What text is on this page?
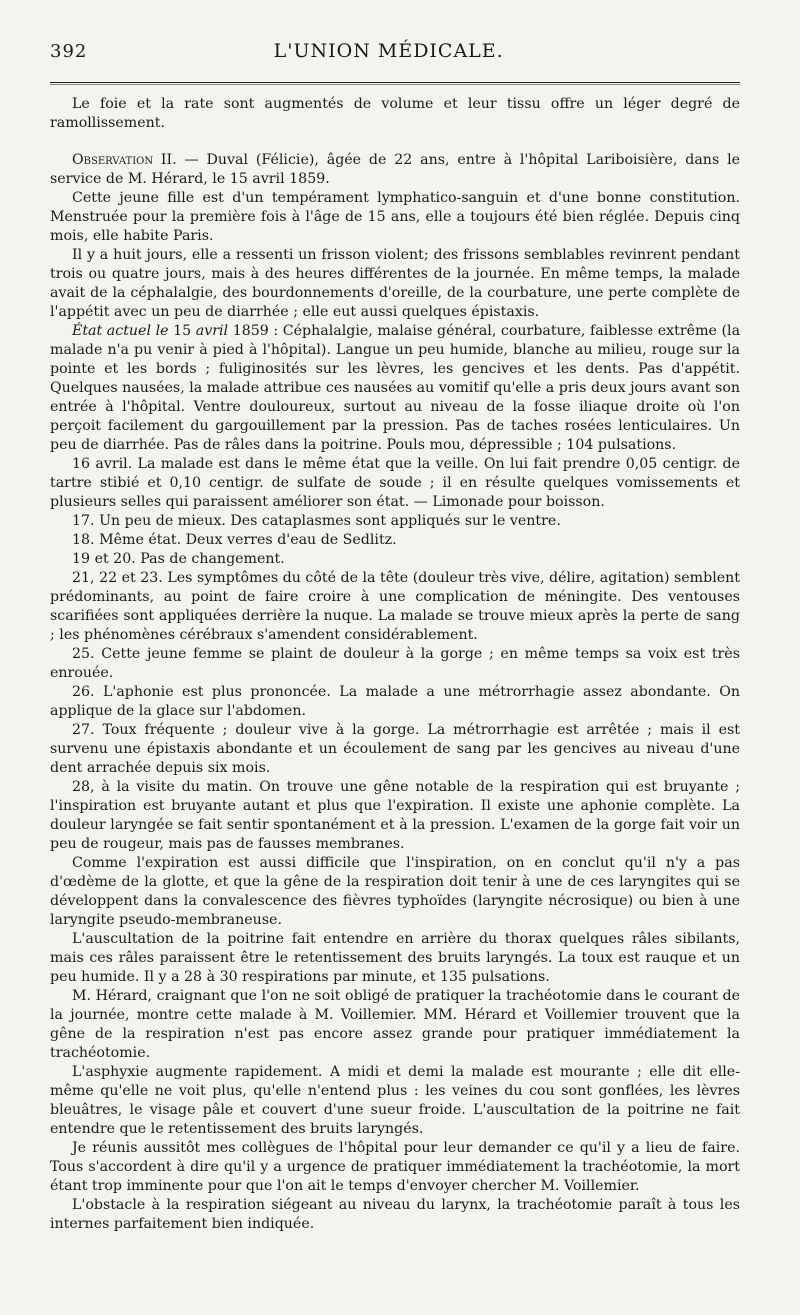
392	L'UNION MÉDICALE.

Le foie et la rate sont augmentés de volume et leur tissu offre un léger degré de ramollissement.

Observation II. — Duval (Félicie), âgée de 22 ans, entre à l'hôpital Lariboisière, dans le service de M. Hérard, le 15 avril 1859.

Cette jeune fille est d'un tempérament lymphatico-sanguin et d'une bonne constitution. Menstruée pour la première fois à l'âge de 15 ans, elle a toujours été bien réglée. Depuis cinq mois, elle habite Paris.

Il y a huit jours, elle a ressenti un frisson violent; des frissons semblables revinrent pendant trois ou quatre jours, mais à des heures différentes de la journée. En même temps, la malade avait de la céphalalgie, des bourdonnements d'oreille, de la courbature, une perte complète de l'appétit avec un peu de diarrhée ; elle eut aussi quelques épistaxis.

État actuel le 15 avril 1859 : Céphalalgie, malaise général, courbature, faiblesse extrême (la malade n'a pu venir à pied à l'hôpital). Langue un peu humide, blanche au milieu, rouge sur la pointe et les bords ; fuliginosités sur les lèvres, les gencives et les dents. Pas d'appétit. Quelques nausées, la malade attribue ces nausées au vomitif qu'elle a pris deux jours avant son entrée à l'hôpital. Ventre douloureux, surtout au niveau de la fosse iliaque droite où l'on perçoit facilement du gargouillement par la pression. Pas de taches rosées lenticulaires. Un peu de diarrhée. Pas de râles dans la poitrine. Pouls mou, dépressible ; 104 pulsations.

16 avril. La malade est dans le même état que la veille. On lui fait prendre 0,05 centigr. de tartre stibié et 0,10 centigr. de sulfate de soude ; il en résulte quelques vomissements et plusieurs selles qui paraissent améliorer son état. — Limonade pour boisson.

17. Un peu de mieux. Des cataplasmes sont appliqués sur le ventre.

18. Même état. Deux verres d'eau de Sedlitz.

19 et 20. Pas de changement.

21, 22 et 23. Les symptômes du côté de la tête (douleur très vive, délire, agitation) semblent prédominants, au point de faire croire à une complication de méningite. Des ventouses scarifiées sont appliquées derrière la nuque. La malade se trouve mieux après la perte de sang ; les phénomènes cérébraux s'amendent considérablement.

25. Cette jeune femme se plaint de douleur à la gorge ; en même temps sa voix est très enrouée.

26. L'aphonie est plus prononcée. La malade a une métrorrhagie assez abondante. On applique de la glace sur l'abdomen.

27. Toux fréquente ; douleur vive à la gorge. La métrorrhagie est arrêtée ; mais il est survenu une épistaxis abondante et un écoulement de sang par les gencives au niveau d'une dent arrachée depuis six mois.

28, à la visite du matin. On trouve une gêne notable de la respiration qui est bruyante ; l'inspiration est bruyante autant et plus que l'expiration. Il existe une aphonie complète. La douleur laryngée se fait sentir spontanément et à la pression. L'examen de la gorge fait voir un peu de rougeur, mais pas de fausses membranes.

Comme l'expiration est aussi difficile que l'inspiration, on en conclut qu'il n'y a pas d'œdème de la glotte, et que la gêne de la respiration doit tenir à une de ces laryngites qui se développent dans la convalescence des fièvres typhoïdes (laryngite nécrosique) ou bien à une laryngite pseudo-membraneuse.

L'auscultation de la poitrine fait entendre en arrière du thorax quelques râles sibilants, mais ces râles paraissent être le retentissement des bruits laryngés. La toux est rauque et un peu humide. Il y a 28 à 30 respirations par minute, et 135 pulsations.

M. Hérard, craignant que l'on ne soit obligé de pratiquer la trachéotomie dans le courant de la journée, montre cette malade à M. Voillemier. MM. Hérard et Voillemier trouvent que la gêne de la respiration n'est pas encore assez grande pour pratiquer immédiatement la trachéotomie.

L'asphyxie augmente rapidement. A midi et demi la malade est mourante ; elle dit elle-même qu'elle ne voit plus, qu'elle n'entend plus : les veines du cou sont gonflées, les lèvres bleuâtres, le visage pâle et couvert d'une sueur froide. L'auscultation de la poitrine ne fait entendre que le retentissement des bruits laryngés.

Je réunis aussitôt mes collègues de l'hôpital pour leur demander ce qu'il y a lieu de faire. Tous s'accordent à dire qu'il y a urgence de pratiquer immédiatement la trachéotomie, la mort étant trop imminente pour que l'on ait le temps d'envoyer chercher M. Voillemier.

L'obstacle à la respiration siégeant au niveau du larynx, la trachéotomie paraît à tous les internes parfaitement bien indiquée.
